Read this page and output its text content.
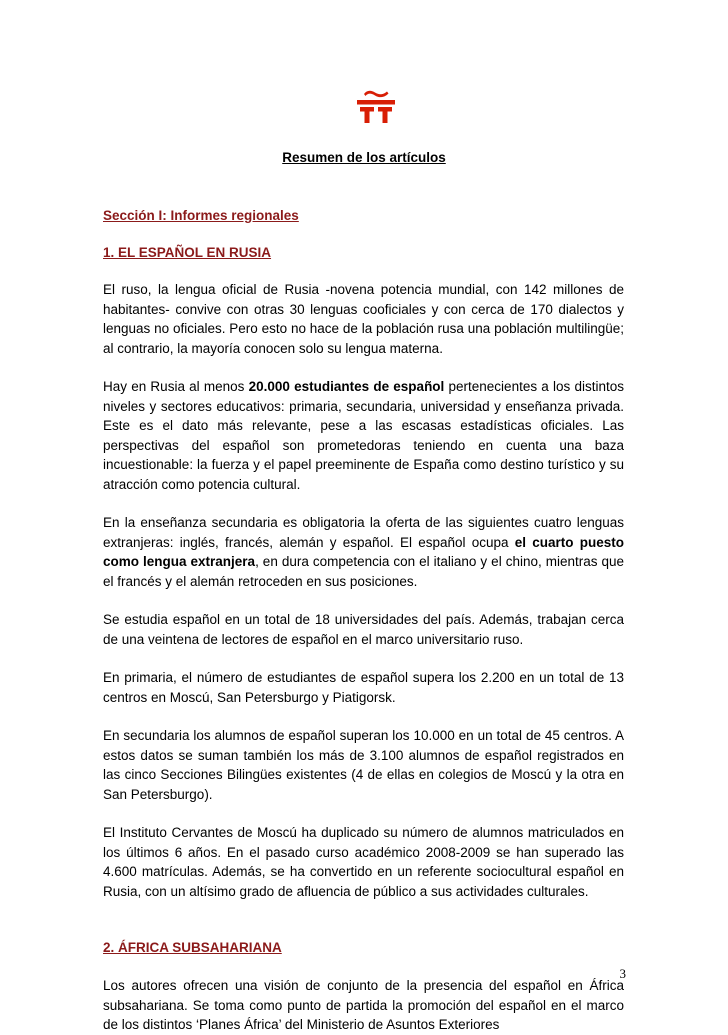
Resumen de los artículos
Sección I: Informes regionales
1. EL ESPAÑOL EN RUSIA

El ruso, la lengua oficial de Rusia -novena potencia mundial, con 142 millones de habitantes- convive con otras 30 lenguas cooficiales y con cerca de 170 dialectos y lenguas no oficiales. Pero esto no hace de la población rusa una población multilingüe; al contrario, la mayoría conocen solo su lengua materna.

Hay en Rusia al menos 20.000 estudiantes de español pertenecientes a los distintos niveles y sectores educativos: primaria, secundaria, universidad y enseñanza privada. Este es el dato más relevante, pese a las escasas estadísticas oficiales. Las perspectivas del español son prometedoras teniendo en cuenta una baza incuestionable: la fuerza y el papel preeminente de España como destino turístico y su atracción como potencia cultural.

En la enseñanza secundaria es obligatoria la oferta de las siguientes cuatro lenguas extranjeras: inglés, francés, alemán y español. El español ocupa el cuarto puesto como lengua extranjera, en dura competencia con el italiano y el chino, mientras que el francés y el alemán retroceden en sus posiciones.

Se estudia español en un total de 18 universidades del país. Además, trabajan cerca de una veintena de lectores de español en el marco universitario ruso.

En primaria, el número de estudiantes de español supera los 2.200 en un total de 13 centros en Moscú, San Petersburgo y Piatigorsk.

En secundaria los alumnos de español superan los 10.000 en un total de 45 centros. A estos datos se suman también los más de 3.100 alumnos de español registrados en las cinco Secciones Bilingües existentes (4 de ellas en colegios de Moscú y la otra en San Petersburgo).

El Instituto Cervantes de Moscú ha duplicado su número de alumnos matriculados en los últimos 6 años. En el pasado curso académico 2008-2009 se han superado las 4.600 matrículas. Además, se ha convertido en un referente sociocultural español en Rusia, con un altísimo grado de afluencia de público a sus actividades culturales.

2. ÁFRICA SUBSAHARIANA

Los autores ofrecen una visión de conjunto de la presencia del español en África subsahariana. Se toma como punto de partida la promoción del español en el marco de los distintos ‘Planes África’ del Ministerio de Asuntos Exteriores

3
